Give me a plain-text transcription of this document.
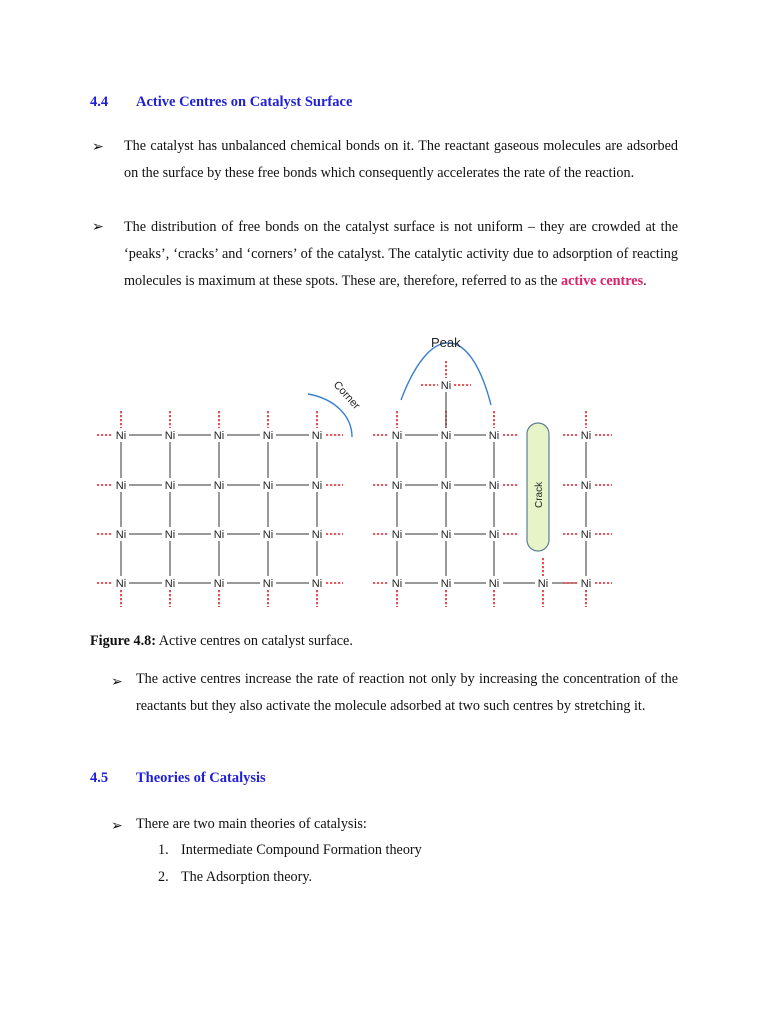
4.4 Active Centres on Catalyst Surface
➢ The catalyst has unbalanced chemical bonds on it. The reactant gaseous molecules are adsorbed on the surface by these free bonds which consequently accelerates the rate of the reaction.
➢ The distribution of free bonds on the catalyst surface is not uniform – they are crowded at the ‘peaks’, ‘cracks’ and ‘corners’ of the catalyst. The catalytic activity due to adsorption of reacting molecules is maximum at these spots. These are, therefore, referred to as the active centres.
Peak
Corner
Crack
Ni	Ni	Ni	Ni	Ni
Ni	Ni	Ni	Ni	Ni
Ni	Ni	Ni	Ni	Ni
Ni	Ni	Ni	Ni	Ni
Ni	Ni	Ni
Ni	Ni	Ni
Ni	Ni	Ni
Ni	Ni	Ni
Ni
Ni
Ni
Ni
Ni
Ni
Figure 4.8: Active centres on catalyst surface.
➢ The active centres increase the rate of reaction not only by increasing the concentration of the reactants but they also activate the molecule adsorbed at two such centres by stretching it.
4.5 Theories of Catalysis
➢ There are two main theories of catalysis:
1. Intermediate Compound Formation theory
2. The Adsorption theory.
